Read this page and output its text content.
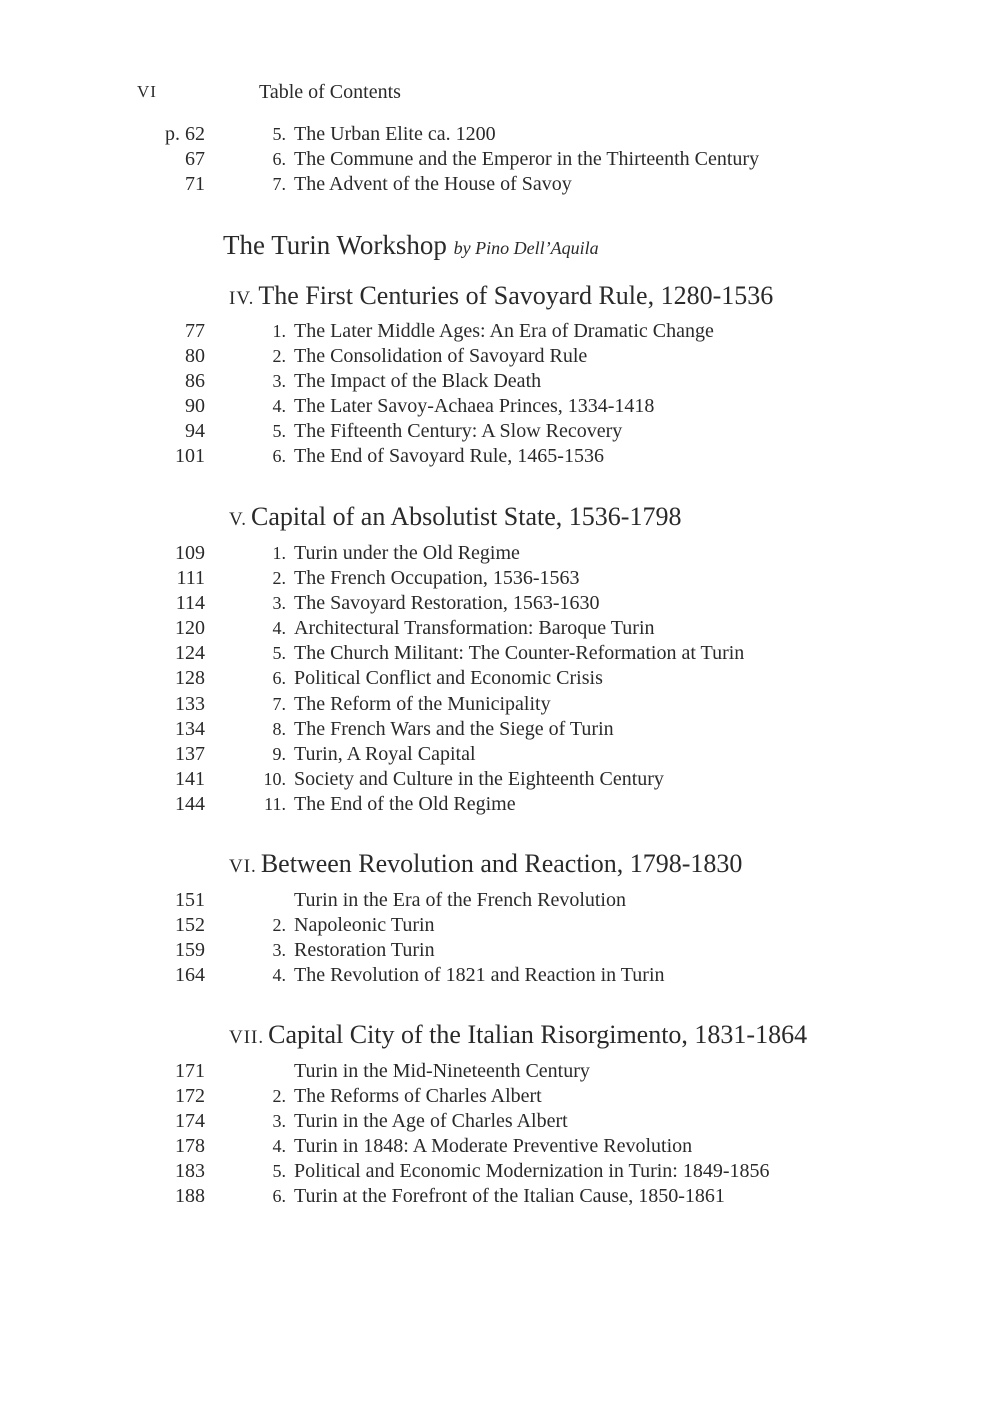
VI	Table of Contents
p. 62	5. The Urban Elite ca. 1200
67	6. The Commune and the Emperor in the Thirteenth Century
71	7. The Advent of the House of Savoy
The Turin Workshop by Pino Dell’Aquila
IV. The First Centuries of Savoyard Rule, 1280-1536
77	1. The Later Middle Ages: An Era of Dramatic Change
80	2. The Consolidation of Savoyard Rule
86	3. The Impact of the Black Death
90	4. The Later Savoy-Achaea Princes, 1334-1418
94	5. The Fifteenth Century: A Slow Recovery
101	6. The End of Savoyard Rule, 1465-1536
V. Capital of an Absolutist State, 1536-1798
109	1. Turin under the Old Regime
111	2. The French Occupation, 1536-1563
114	3. The Savoyard Restoration, 1563-1630
120	4. Architectural Transformation: Baroque Turin
124	5. The Church Militant: The Counter-Reformation at Turin
128	6. Political Conflict and Economic Crisis
133	7. The Reform of the Municipality
134	8. The French Wars and the Siege of Turin
137	9. Turin, A Royal Capital
141	10. Society and Culture in the Eighteenth Century
144	11. The End of the Old Regime
VI. Between Revolution and Reaction, 1798-1830
151	Turin in the Era of the French Revolution
152	2. Napoleonic Turin
159	3. Restoration Turin
164	4. The Revolution of 1821 and Reaction in Turin
VII. Capital City of the Italian Risorgimento, 1831-1864
171	Turin in the Mid-Nineteenth Century
172	2. The Reforms of Charles Albert
174	3. Turin in the Age of Charles Albert
178	4. Turin in 1848: A Moderate Preventive Revolution
183	5. Political and Economic Modernization in Turin: 1849-1856
188	6. Turin at the Forefront of the Italian Cause, 1850-1861
